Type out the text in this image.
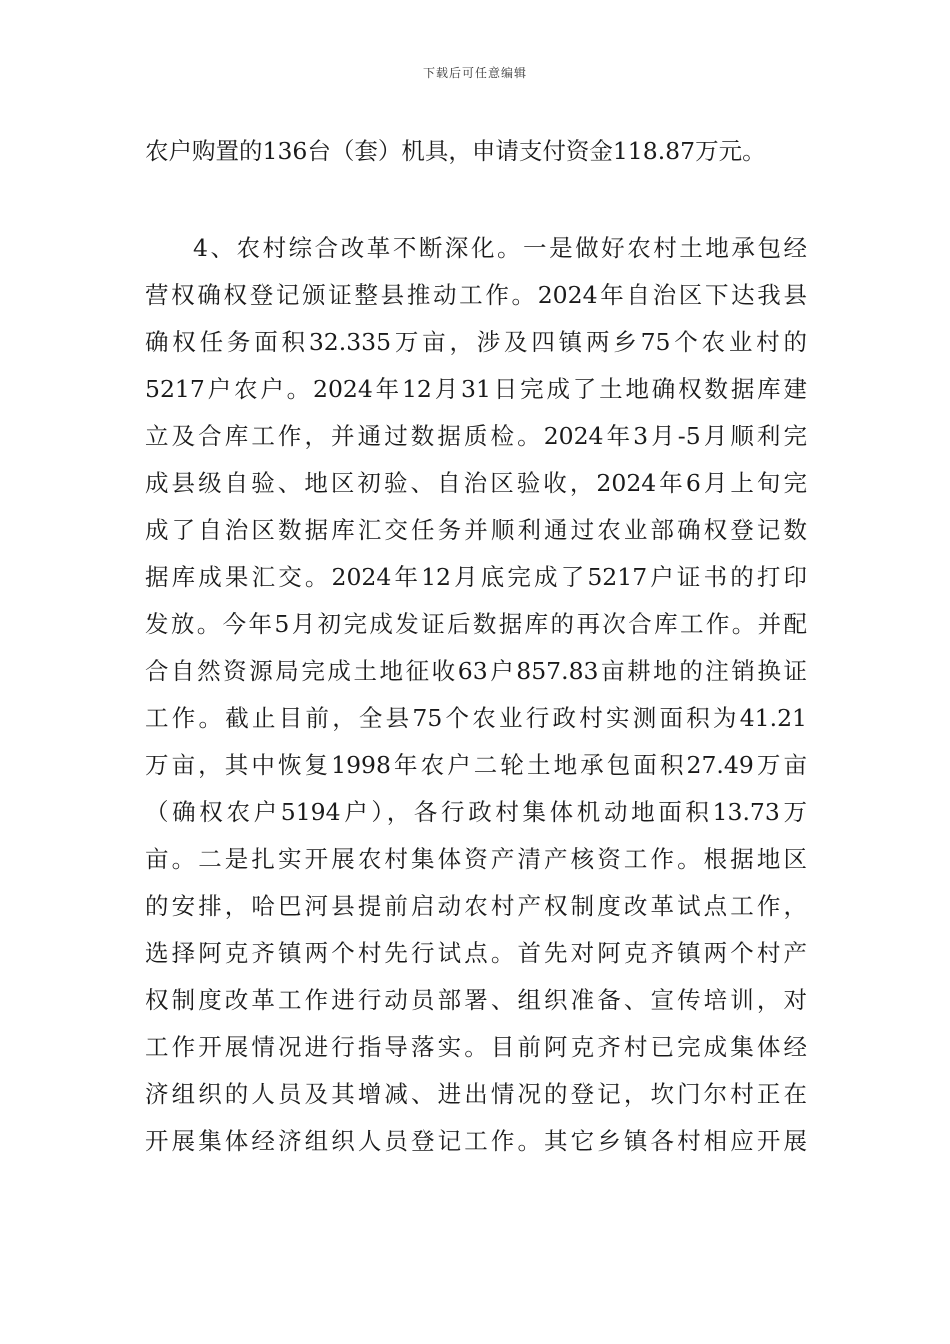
下载后可任意编辑
农户购置的136台（套）机具，申请支付资金118.87万元。
4、农村综合改革不断深化。一是做好农村土地承包经
营权确权登记颁证整县推动工作。2024年自治区下达我县
确权任务面积32.335万亩，涉及四镇两乡75个农业村的
5217户农户。2024年12月31日完成了土地确权数据库建
立及合库工作，并通过数据质检。2024年3月-5月顺利完
成县级自验、地区初验、自治区验收，2024年6月上旬完
成了自治区数据库汇交任务并顺利通过农业部确权登记数
据库成果汇交。2024年12月底完成了5217户证书的打印
发放。今年5月初完成发证后数据库的再次合库工作。并配
合自然资源局完成土地征收63户857.83亩耕地的注销换证
工作。截止目前，全县75个农业行政村实测面积为41.21
万亩，其中恢复1998年农户二轮土地承包面积27.49万亩
（确权农户5194户），各行政村集体机动地面积13.73万
亩。二是扎实开展农村集体资产清产核资工作。根据地区
的安排，哈巴河县提前启动农村产权制度改革试点工作，
选择阿克齐镇两个村先行试点。首先对阿克齐镇两个村产
权制度改革工作进行动员部署、组织准备、宣传培训，对
工作开展情况进行指导落实。目前阿克齐村已完成集体经
济组织的人员及其增减、进出情况的登记，坎门尔村正在
开展集体经济组织人员登记工作。其它乡镇各村相应开展
